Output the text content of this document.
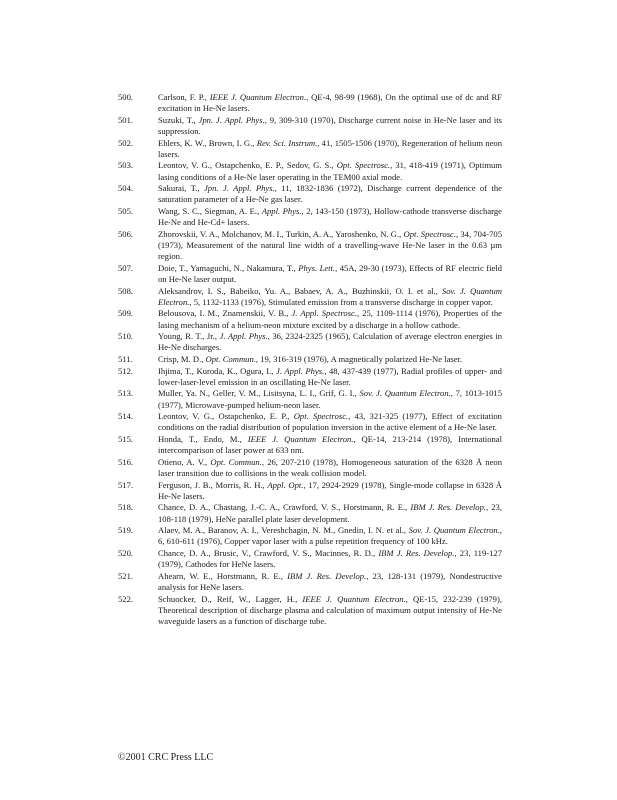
500.	Carlson, F. P., IEEE J. Quantum Electron., QE-4, 98-99 (1968), On the optimal use of dc and RF excitation in He-Ne lasers.
501.	Suzuki, T., Jpn. J. Appl. Phys., 9, 309-310 (1970), Discharge current noise in He-Ne laser and its suppression.
502.	Ehlers, K. W., Brown, I. G., Rev. Sci. Instrum., 41, 1505-1506 (1970), Regeneration of helium neon lasers.
503.	Leontov, V. G., Ostapchenko, E. P., Sedov, G. S., Opt. Spectrosc., 31, 418-419 (1971), Optimum lasing conditions of a He-Ne laser operating in the TEM00 axial mode.
504.	Sakurai, T., Jpn. J. Appl. Phys., 11, 1832-1836 (1972), Discharge current dependence of the saturation parameter of a He-Ne gas laser.
505.	Wang, S. C., Siegman, A. E., Appl. Phys., 2, 143-150 (1973), Hollow-cathode transverse discharge He-Ne and He-Cd+ lasers.
506.	Zhorovskii, V. A., Molchanov, M. I., Turkin, A. A., Yaroshenko, N. G., Opt. Spectrosc., 34, 704-705 (1973), Measurement of the natural line width of a travelling-wave He-Ne laser in the 0.63 µm region.
507.	Doie, T., Yamaguchi, N., Nakamura, T., Phys. Lett., 45A, 29-30 (1973), Effects of RF electric field on He-Ne laser output.
508.	Aleksandrov, I. S., Babeiko, Yu. A., Babaev, A. A., Buzhinskii, O. I. et al., Sov. J. Quantum Electron., 5, 1132-1133 (1976), Stimulated emission from a transverse discharge in copper vapor.
509.	Belousova, I. M., Znamenskii, V. B., J. Appl. Spectrosc., 25, 1109-1114 (1976), Properties of the lasing mechanism of a helium-neon mixture excited by a discharge in a hollow cathode.
510.	Young, R. T., Jr., J. Appl. Phys., 36, 2324-2325 (1965), Calculation of average electron energies in He-Ne discharges.
511.	Crisp, M. D., Opt. Commun., 19, 316-319 (1976), A magnetically polarized He-Ne laser.
512.	Ihjima, T., Kuroda, K., Ogura, I., J. Appl. Phys., 48, 437-439 (1977), Radial profiles of upper- and lower-laser-level emission in an oscillating He-Ne laser.
513.	Muller, Ya. N., Geller, V. M., Lisitsyna, L. I., Grif, G. I., Sov. J. Quantum Electron., 7, 1013-1015 (1977), Microwave-pumped helium-neon laser.
514.	Leontov, V. G., Ostapchenko, E. P., Opt. Spectrosc., 43, 321-325 (1977), Effect of excitation conditions on the radial distribution of population inversion in the active element of a He-Ne laser.
515.	Honda, T., Endo, M., IEEE J. Quantum Electron., QE-14, 213-214 (1978), International intercomparison of laser power at 633 nm.
516.	Otieno, A. V., Opt. Commun., 26, 207-210 (1978), Homogeneous saturation of the 6328 Å neon laser transition due to collisions in the weak collision model.
517.	Ferguson, J. B., Morris, R. H., Appl. Opt., 17, 2924-2929 (1978), Single-mode collapse in 6328 Å He-Ne lasers.
518.	Chance, D. A., Chastang, J.-C. A., Crawford, V. S., Horstmann, R. E., IBM J. Res. Develop., 23, 108-118 (1979), HeNe parallel plate laser development.
519.	Alaev, M. A., Baranov, A. I., Vereshchagin, N. M., Gnedin, I. N. et al., Sov. J. Quantum Electron., 6, 610-611 (1976), Copper vapor laser with a pulse repetition frequency of 100 kHz.
520.	Chance, D. A., Brusic, V., Crawford, V. S., Macinnes, R. D., IBM J. Res. Develop., 23, 119-127 (1979), Cathodes for HeNe lasers.
521.	Ahearn, W. E., Horstmann, R. E., IBM J. Res. Develop., 23, 128-131 (1979), Nondestructive analysis for HeNe lasers.
522.	Schuocker, D., Reif, W., Lagger, H., IEEE J. Quantum Electron., QE-15, 232-239 (1979), Theoretical description of discharge plasma and calculation of maximum output intensity of He-Ne waveguide lasers as a function of discharge tube.
©2001 CRC Press LLC
